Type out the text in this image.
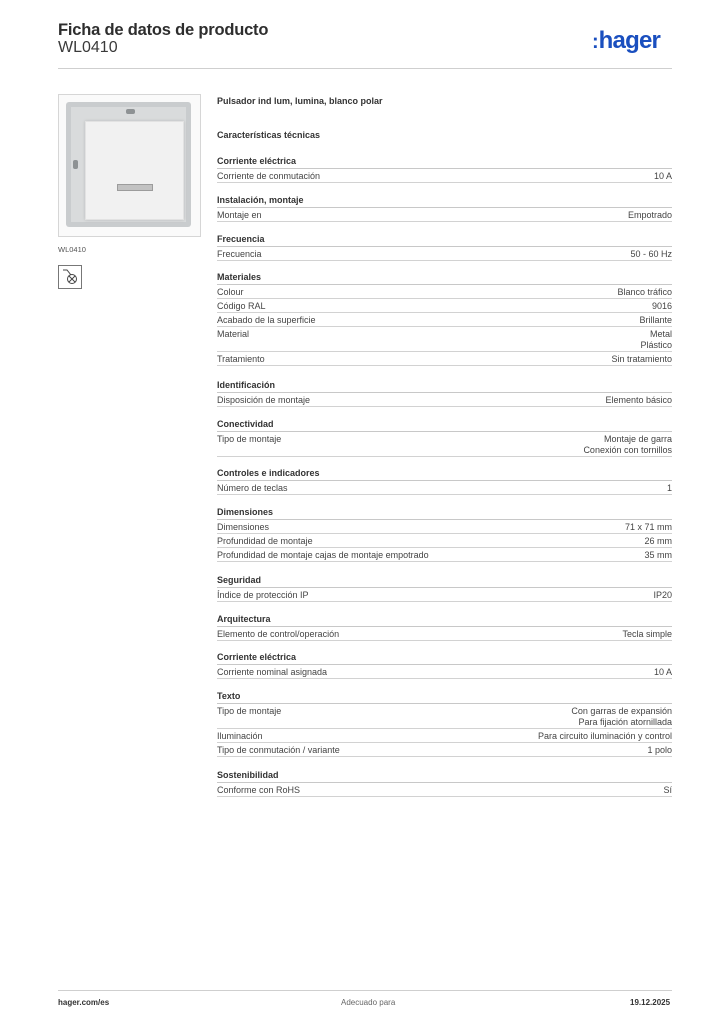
Ficha de datos de producto
WL0410	:hager
WL0410
Pulsador ind lum, lumina, blanco polar
Características técnicas
Corriente eléctrica
Corriente de conmutación	10 A
Instalación, montaje
Montaje en	Empotrado
Frecuencia
Frecuencia	50 - 60 Hz
Materiales
Colour	Blanco tráfico
Código RAL	9016
Acabado de la superficie	Brillante
Material	Metal
Plástico
Tratamiento	Sin tratamiento
Identificación
Disposición de montaje	Elemento básico
Conectividad
Tipo de montaje	Montaje de garra
Conexión con tornillos
Controles e indicadores
Número de teclas	1
Dimensiones
Dimensiones	71 x 71 mm
Profundidad de montaje	26 mm
Profundidad de montaje cajas de montaje empotrado	35 mm
Seguridad
Índice de protección IP	IP20
Arquitectura
Elemento de control/operación	Tecla simple
Corriente eléctrica
Corriente nominal asignada	10 A
Texto
Tipo de montaje	Con garras de expansión
Para fijación atornillada
Iluminación	Para circuito iluminación y control
Tipo de conmutación / variante	1 polo
Sostenibilidad
Conforme con RoHS	Sí
hager.com/es	Adecuado para	19.12.2025
